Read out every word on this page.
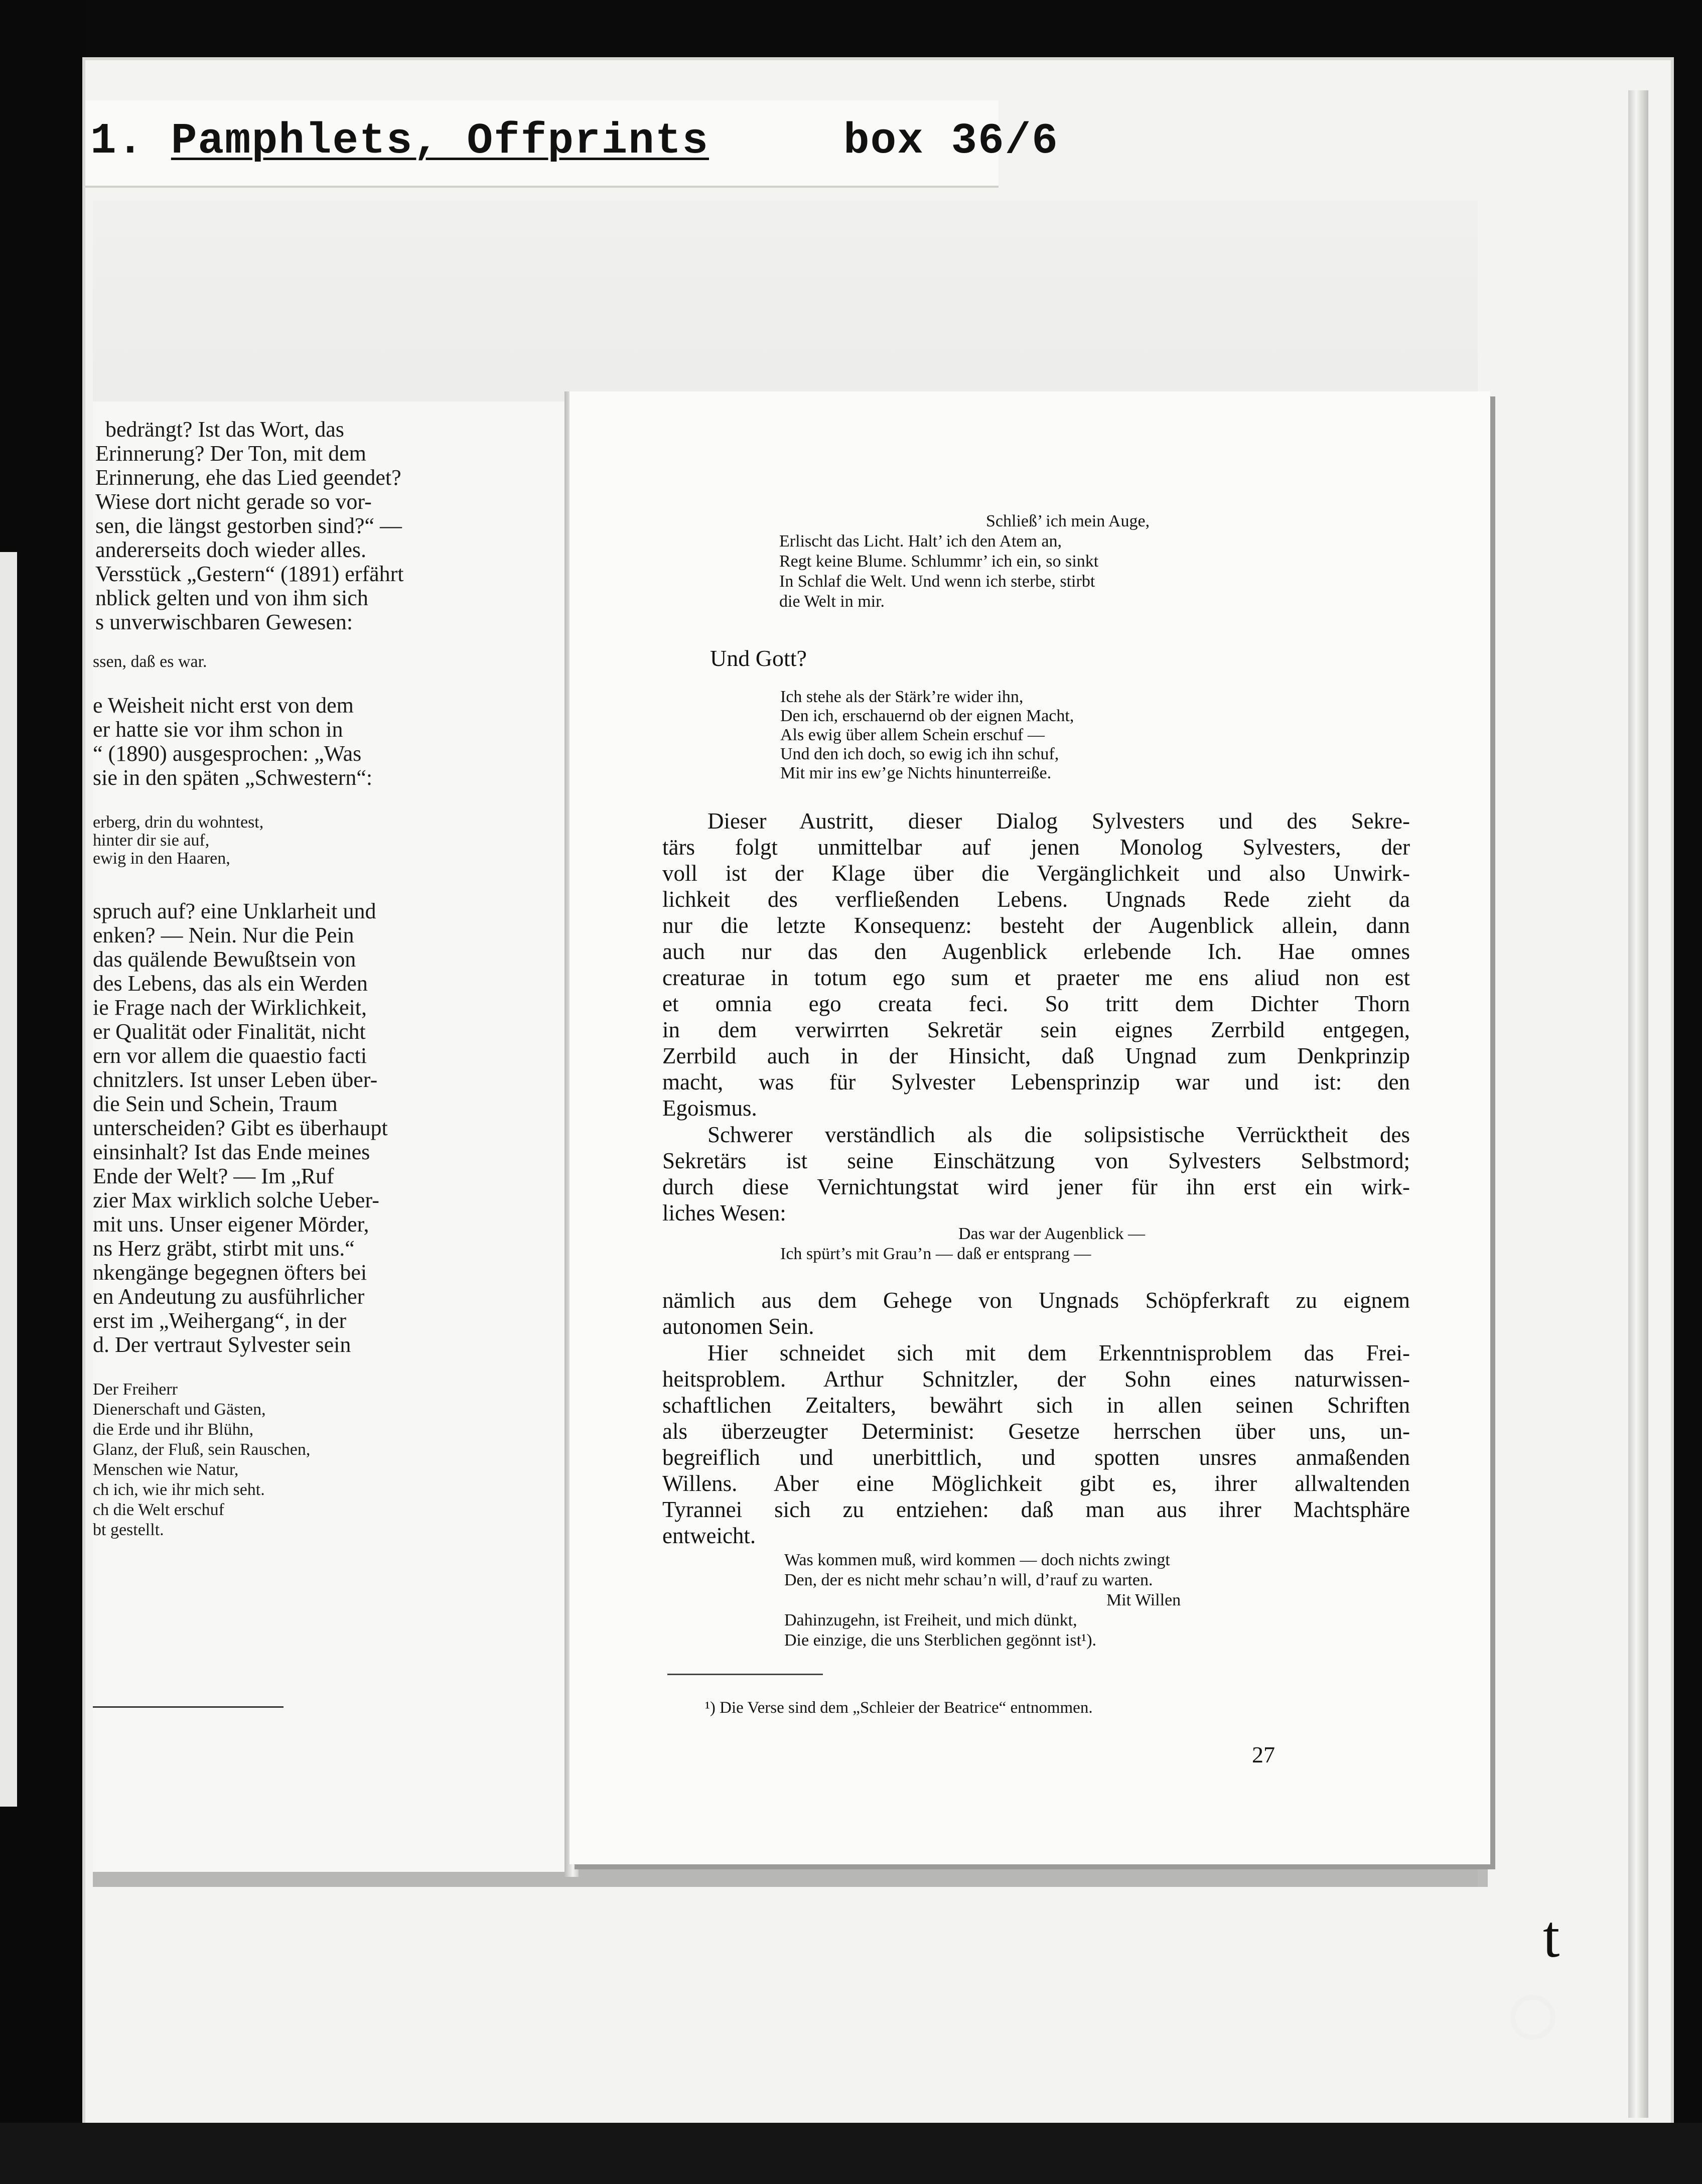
1. Pamphlets, Offprints	box 36/6
bedrängt? Ist das Wort, das
Erinnerung? Der Ton, mit dem
Erinnerung, ehe das Lied geendet?
Wiese dort nicht gerade so vor-
sen, die längst gestorben sind?“ —
andererseits doch wieder alles.
Versstück „Gestern“ (1891) erfährt
nblick gelten und von ihm sich
s unverwischbaren Gewesen:
ssen, daß es war.
e Weisheit nicht erst von dem
er hatte sie vor ihm schon in
“ (1890) ausgesprochen: „Was
sie in den späten „Schwestern“:
erberg, drin du wohntest,
hinter dir sie auf,
ewig in den Haaren,
spruch auf? eine Unklarheit und
enken? — Nein. Nur die Pein
das quälende Bewußtsein von
des Lebens, das als ein Werden
ie Frage nach der Wirklichkeit,
er Qualität oder Finalität, nicht
ern vor allem die quaestio facti
chnitzlers. Ist unser Leben über-
die Sein und Schein, Traum
unterscheiden? Gibt es überhaupt
einsinhalt? Ist das Ende meines
Ende der Welt? — Im „Ruf
zier Max wirklich solche Ueber-
mit uns. Unser eigener Mörder,
ns Herz gräbt, stirbt mit uns.“
nkengänge begegnen öfters bei
en Andeutung zu ausführlicher
erst im „Weihergang“, in der
d. Der vertraut Sylvester sein
Der Freiherr
Dienerschaft und Gästen,
die Erde und ihr Blühn,
Glanz, der Fluß, sein Rauschen,
Menschen wie Natur,
ch ich, wie ihr mich seht.
ch die Welt erschuf
bt gestellt.
Schließ’ ich mein Auge,
Erlischt das Licht. Halt’ ich den Atem an,
Regt keine Blume. Schlummr’ ich ein, so sinkt
In Schlaf die Welt. Und wenn ich sterbe, stirbt
die Welt in mir.
Und Gott?
Ich stehe als der Stärk’re wider ihn,
Den ich, erschauernd ob der eignen Macht,
Als ewig über allem Schein erschuf —
Und den ich doch, so ewig ich ihn schuf,
Mit mir ins ew’ge Nichts hinunterreiße.
Dieser Austritt, dieser Dialog Sylvesters und des Sekre-
tärs folgt unmittelbar auf jenen Monolog Sylvesters, der
voll ist der Klage über die Vergänglichkeit und also Unwirk-
lichkeit des verfließenden Lebens. Ungnads Rede zieht da
nur die letzte Konsequenz: besteht der Augenblick allein, dann
auch nur das den Augenblick erlebende Ich. Hae omnes
creaturae in totum ego sum et praeter me ens aliud non est
et omnia ego creata feci. So tritt dem Dichter Thorn
in dem verwirrten Sekretär sein eignes Zerrbild entgegen,
Zerrbild auch in der Hinsicht, daß Ungnad zum Denkprinzip
macht, was für Sylvester Lebensprinzip war und ist: den
Egoismus.
Schwerer verständlich als die solipsistische Verrücktheit des
Sekretärs ist seine Einschätzung von Sylvesters Selbstmord;
durch diese Vernichtungstat wird jener für ihn erst ein wirk-
liches Wesen:
Das war der Augenblick —
Ich spürt’s mit Grau’n — daß er entsprang —
nämlich aus dem Gehege von Ungnads Schöpferkraft zu eignem
autonomen Sein.
Hier schneidet sich mit dem Erkenntnisproblem das Frei-
heitsproblem. Arthur Schnitzler, der Sohn eines naturwissen-
schaftlichen Zeitalters, bewährt sich in allen seinen Schriften
als überzeugter Determinist: Gesetze herrschen über uns, un-
begreiflich und unerbittlich, und spotten unsres anmaßenden
Willens. Aber eine Möglichkeit gibt es, ihrer allwaltenden
Tyrannei sich zu entziehen: daß man aus ihrer Machtsphäre
entweicht.
Was kommen muß, wird kommen — doch nichts zwingt
Den, der es nicht mehr schau’n will, d’rauf zu warten.
Mit Willen
Dahinzugehn, ist Freiheit, und mich dünkt,
Die einzige, die uns Sterblichen gegönnt ist¹).
¹) Die Verse sind dem „Schleier der Beatrice“ entnommen.
27
t
